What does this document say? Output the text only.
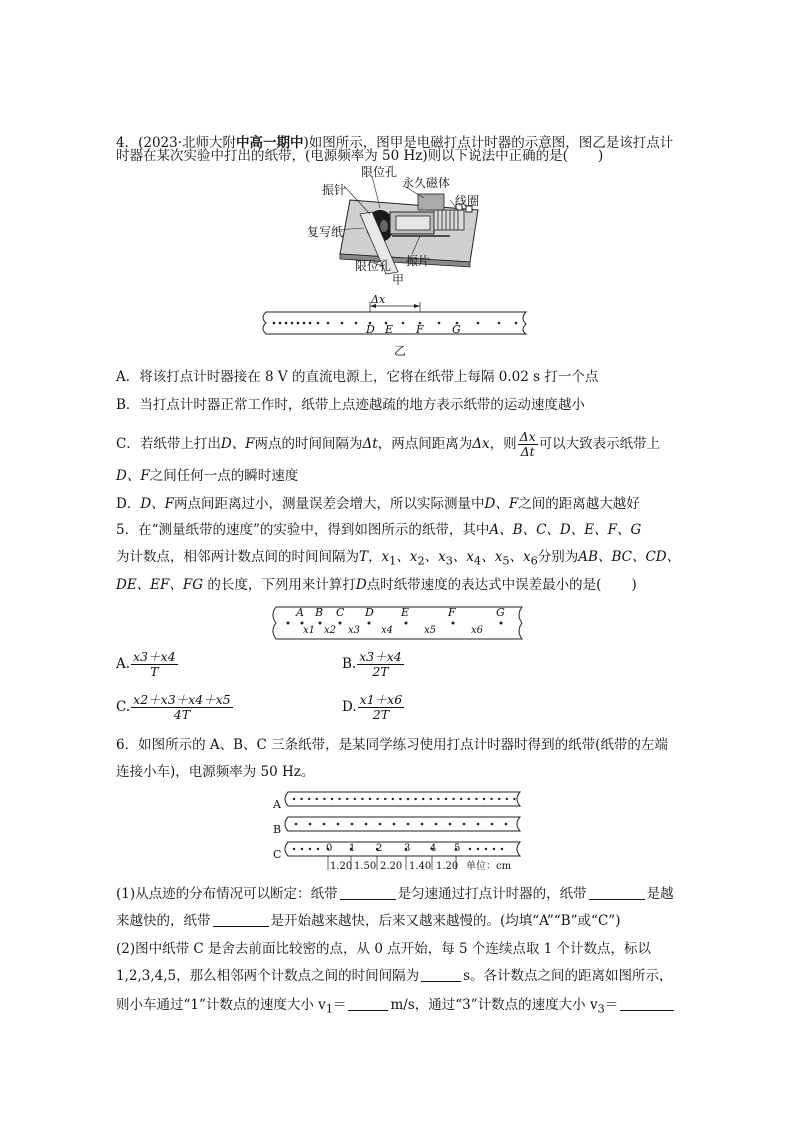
4．(2023·北师大附中高一期中)如图所示，图甲是电磁打点计时器的示意图，图乙是该打点计
时器在某次实验中打出的纸带，(电源频率为 50 Hz)则以下说法中正确的是( )
限位孔
永久磁体
振针
线圈
复写纸
限位孔 振片
甲
Δx
D E F	G
乙
A．将该打点计时器接在 8 V 的直流电源上，它将在纸带上每隔 0.02 s 打一个点
B．当打点计时器正常工作时，纸带上点迹越疏的地方表示纸带的运动速度越小
C．若纸带上打出D、F两点的时间间隔为Δt，两点间距离为Δx，则 $\frac{\Delta x}{\Delta t}$ 可以大致表示纸带上
D、F之间任何一点的瞬时速度
D．D、F两点间距离过小，测量误差会增大，所以实际测量中D、F之间的距离越大越好
5．在“测量纸带的速度”的实验中，得到如图所示的纸带，其中A、B、C、D、E、F、G
为计数点，相邻两计数点间的时间间隔为T，$x_1$、$x_2$、$x_3$、$x_4$、$x_5$、$x_6$分别为AB、BC、CD、
DE、EF、FG 的长度，下列用来计算打D点时纸带速度的表达式中误差最小的是( )
A B C D E	F	G
x1 x2 x3 x4	x5	x6
A. $\frac{x3+x4}{T}$	B. $\frac{x3+x4}{2T}$
C. $\frac{x2+x3+x4+x5}{4T}$	D. $\frac{x1+x6}{2T}$
6．如图所示的 A、B、C 三条纸带，是某同学练习使用打点计时器时得到的纸带(纸带的左端
连接小车)，电源频率为 50 Hz。
A
B
C	0 1 2 3 4 5
1.20 1.50 2.20 1.40 1.20 单位：cm
(1)从点迹的分布情况可以断定：纸带	是匀速通过打点计时器的，纸带	是越
来越快的，纸带	是开始越来越快，后来又越来越慢的。(均填“A”“B”或“C”)
(2)图中纸带 C 是舍去前面比较密的点，从 0 点开始，每 5 个连续点取 1 个计数点，标以
1,2,3,4,5，那么相邻两个计数点之间的时间间隔为	s。各计数点之间的距离如图所示，
则小车通过“1”计数点的速度大小 $v_1=$	m/s，通过“3”计数点的速度大小 $v_3=$
